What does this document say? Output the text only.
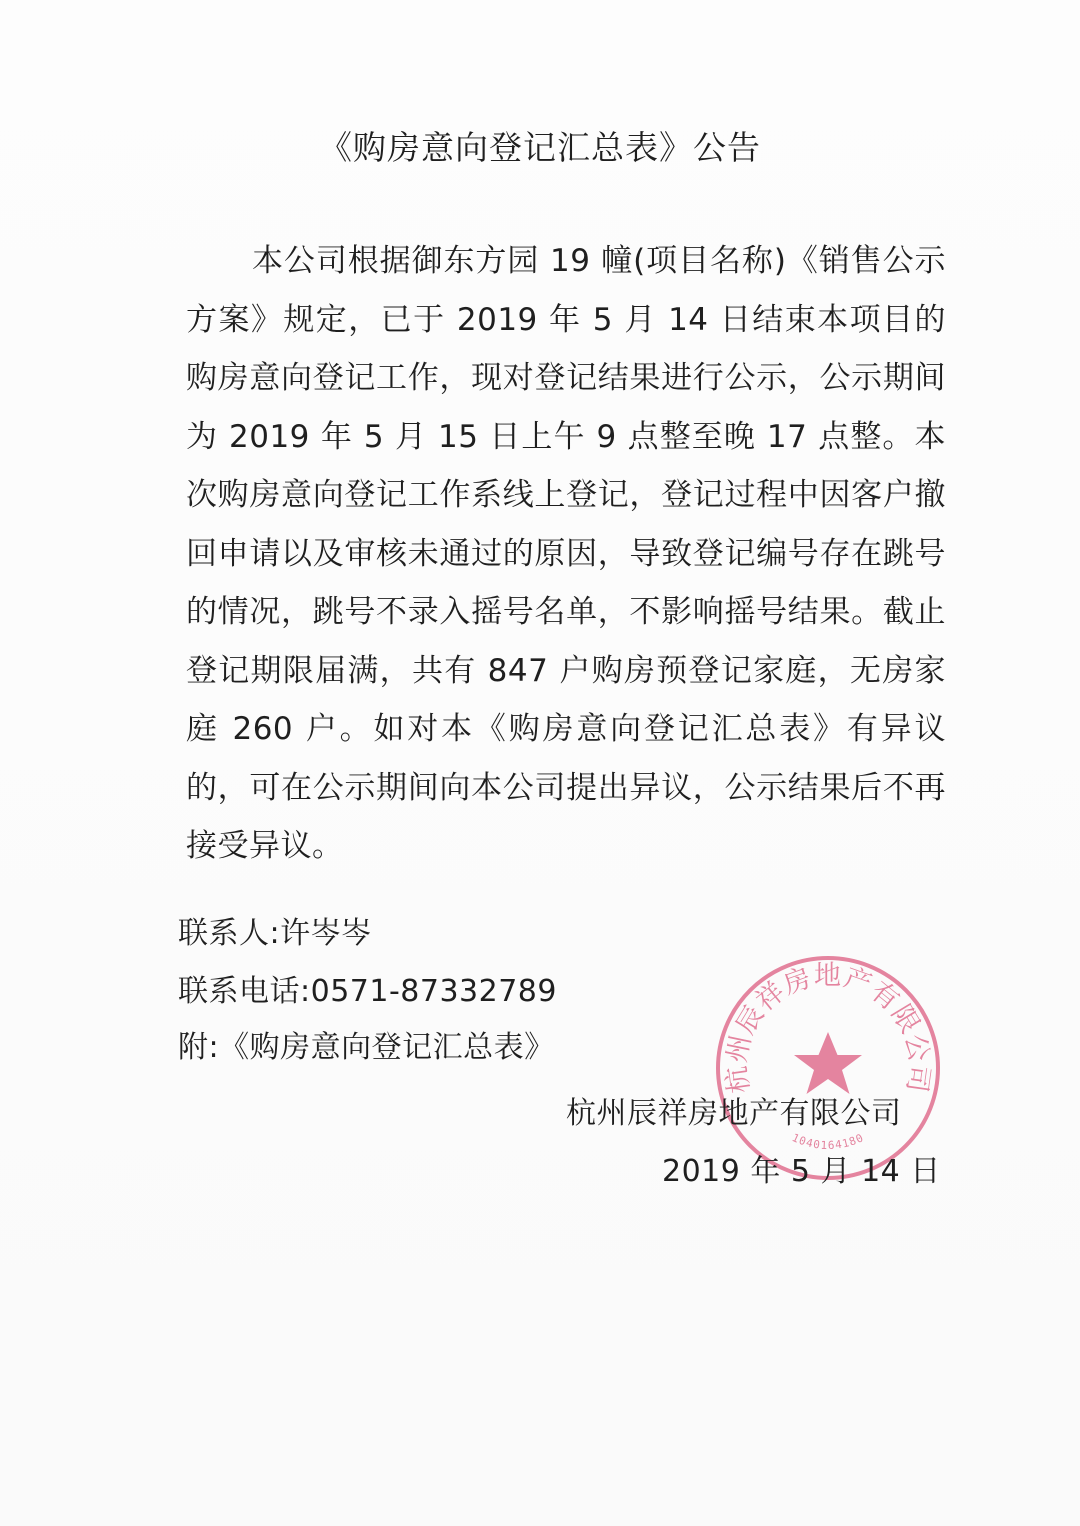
《购房意向登记汇总表》公告
本公司根据御东方园 19 幢(项目名称)《销售公示方案》规定，已于 2019 年 5 月 14 日结束本项目的购房意向登记工作，现对登记结果进行公示，公示期间为 2019 年 5 月 15 日上午 9 点整至晚 17 点整。本次购房意向登记工作系线上登记，登记过程中因客户撤回申请以及审核未通过的原因，导致登记编号存在跳号的情况，跳号不录入摇号名单，不影响摇号结果。截止登记期限届满，共有 847 户购房预登记家庭，无房家庭 260 户。如对本《购房意向登记汇总表》有异议的，可在公示期间向本公司提出异议，公示结果后不再接受异议。
联系人:许岑岑
联系电话:0571-87332789
附:《购房意向登记汇总表》
杭州辰祥房地产有限公司
1040164180
杭州辰祥房地产有限公司
2019 年 5 月 14 日
